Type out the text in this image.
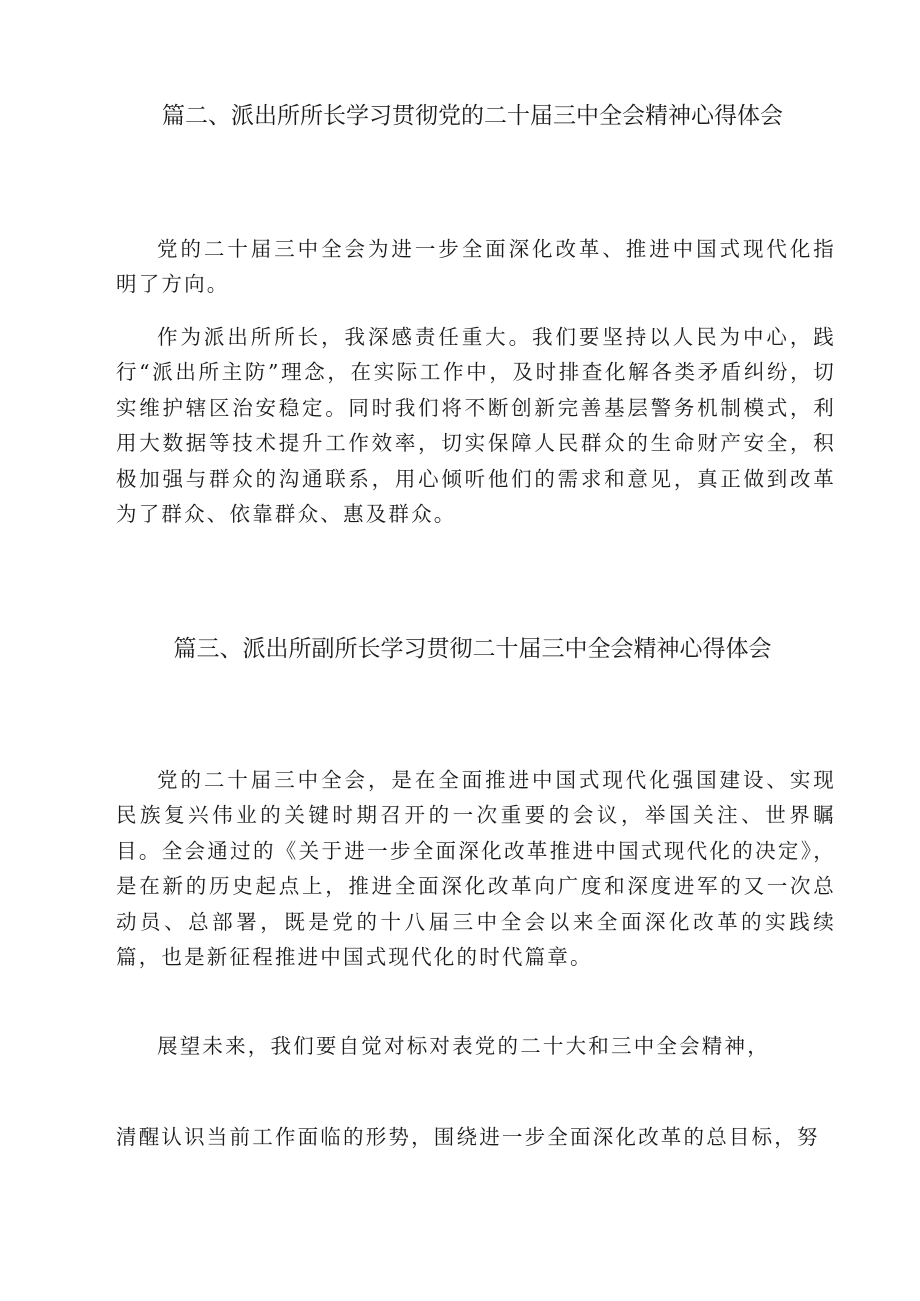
篇二、派出所所长学习贯彻党的二十届三中全会精神心得体会

党的二十届三中全会为进一步全面深化改革、推进中国式现代化指明了方向。

作为派出所所长，我深感责任重大。我们要坚持以人民为中心，践行“派出所主防”理念，在实际工作中，及时排查化解各类矛盾纠纷，切实维护辖区治安稳定。同时我们将不断创新完善基层警务机制模式，利用大数据等技术提升工作效率，切实保障人民群众的生命财产安全，积极加强与群众的沟通联系，用心倾听他们的需求和意见，真正做到改革为了群众、依靠群众、惠及群众。

篇三、派出所副所长学习贯彻二十届三中全会精神心得体会

党的二十届三中全会，是在全面推进中国式现代化强国建设、实现民族复兴伟业的关键时期召开的一次重要的会议，举国关注、世界瞩目。全会通过的《关于进一步全面深化改革推进中国式现代化的决定》，是在新的历史起点上，推进全面深化改革向广度和深度进军的又一次总动员、总部署，既是党的十八届三中全会以来全面深化改革的实践续篇，也是新征程推进中国式现代化的时代篇章。

展望未来，我们要自觉对标对表党的二十大和三中全会精神，

清醒认识当前工作面临的形势，围绕进一步全面深化改革的总目标，努
